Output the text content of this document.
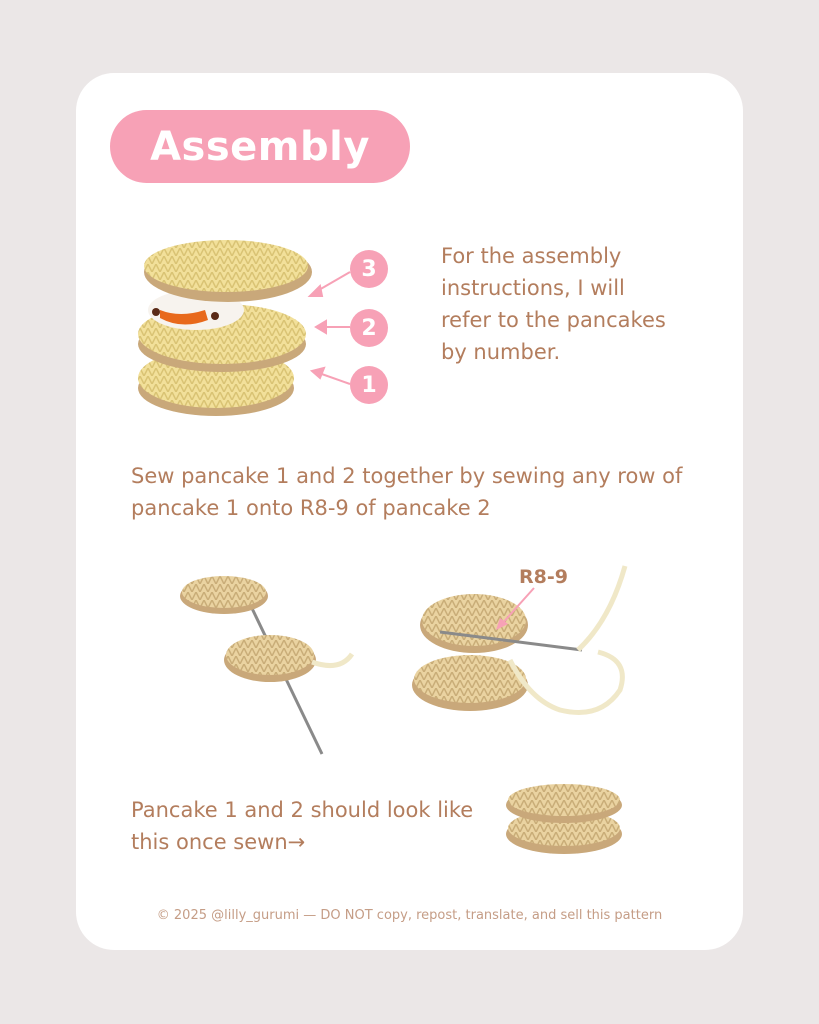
Assembly
3
2
1
For the assembly instructions, I will refer to the pancakes by number.
Sew pancake 1 and 2 together by sewing any row of pancake 1 onto R8-9 of pancake 2
R8-9
Pancake 1 and 2 should look like this once sewn→
© 2025 @lilly_gurumi — DO NOT copy, repost, translate, and sell this pattern
